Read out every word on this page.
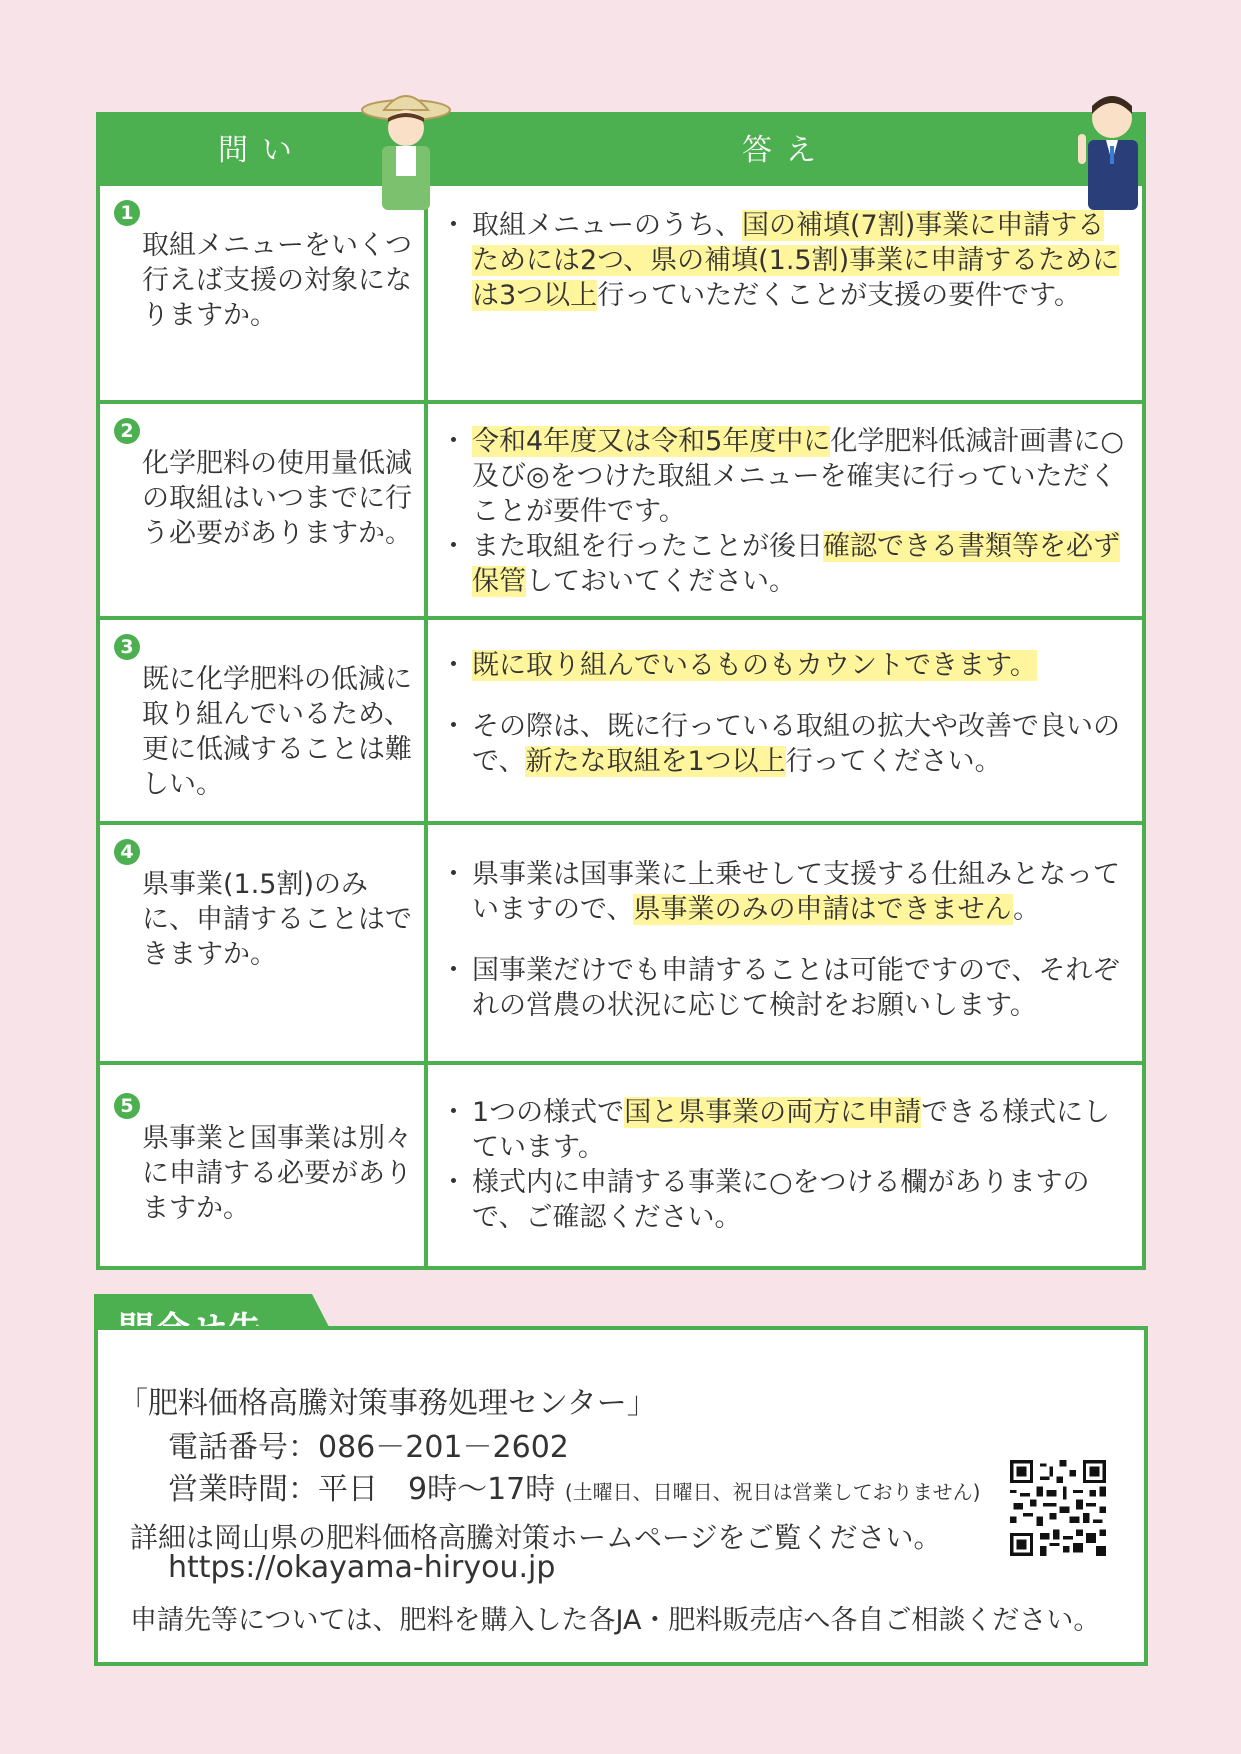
問い	答え
1
取組メニューをいくつ行えば支援の対象になりますか。
・ 取組メニューのうち、国の補填(7割)事業に申請するためには2つ、県の補填(1.5割)事業に申請するためには3つ以上行っていただくことが支援の要件です。
2
化学肥料の使用量低減の取組はいつまでに行う必要がありますか。
・ 令和4年度又は令和5年度中に化学肥料低減計画書に○及び◎をつけた取組メニューを確実に行っていただくことが要件です。
・ また取組を行ったことが後日確認できる書類等を必ず保管しておいてください。
3
既に化学肥料の低減に取り組んでいるため、更に低減することは難しい。
・ 既に取り組んでいるものもカウントできます。
・ その際は、既に行っている取組の拡大や改善で良いので、新たな取組を1つ以上行ってください。
4
県事業(1.5割)のみに、申請することはできますか。
・ 県事業は国事業に上乗せして支援する仕組みとなっていますので、県事業のみの申請はできません。
・ 国事業だけでも申請することは可能ですので、それぞれの営農の状況に応じて検討をお願いします。
5
県事業と国事業は別々に申請する必要がありますか。
・ 1つの様式で国と県事業の両方に申請できる様式にしています。
・ 様式内に申請する事業に○をつける欄がありますので、ご確認ください。
「肥料価格高騰対策事務処理センター」
電話番号：086－201－2602
営業時間：平日　9時～17時 (土曜日、日曜日、祝日は営業しておりません)
詳細は岡山県の肥料価格高騰対策ホームページをご覧ください。
https://okayama-hiryou.jp
申請先等については、肥料を購入した各JA・肥料販売店へ各自ご相談ください。
